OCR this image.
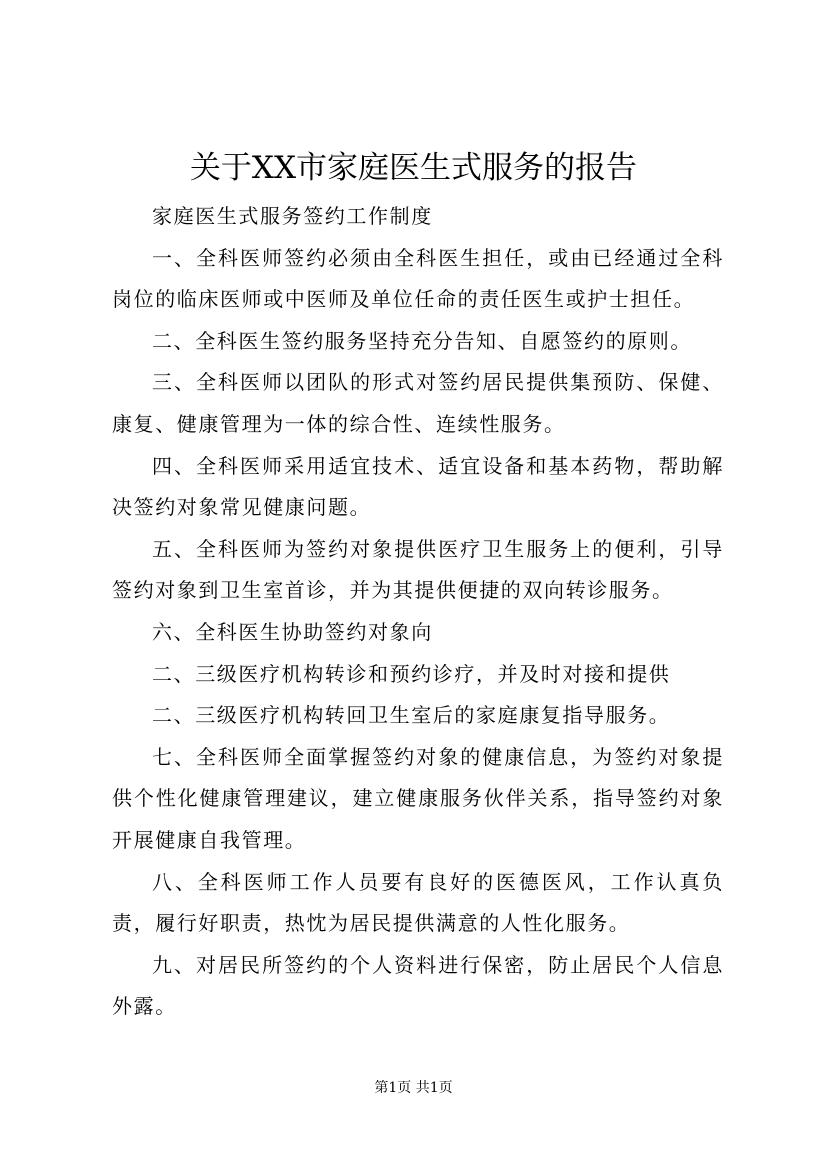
关于XX市家庭医生式服务的报告

家庭医生式服务签约工作制度

一、全科医师签约必须由全科医生担任，或由已经通过全科岗位的临床医师或中医师及单位任命的责任医生或护士担任。

二、全科医生签约服务坚持充分告知、自愿签约的原则。

三、全科医师以团队的形式对签约居民提供集预防、保健、康复、健康管理为一体的综合性、连续性服务。

四、全科医师采用适宜技术、适宜设备和基本药物，帮助解决签约对象常见健康问题。

五、全科医师为签约对象提供医疗卫生服务上的便利，引导签约对象到卫生室首诊，并为其提供便捷的双向转诊服务。

六、全科医生协助签约对象向

二、三级医疗机构转诊和预约诊疗，并及时对接和提供

二、三级医疗机构转回卫生室后的家庭康复指导服务。

七、全科医师全面掌握签约对象的健康信息，为签约对象提供个性化健康管理建议，建立健康服务伙伴关系，指导签约对象开展健康自我管理。

八、全科医师工作人员要有良好的医德医风，工作认真负责，履行好职责，热忱为居民提供满意的人性化服务。

九、对居民所签约的个人资料进行保密，防止居民个人信息外露。

第1页 共1页
